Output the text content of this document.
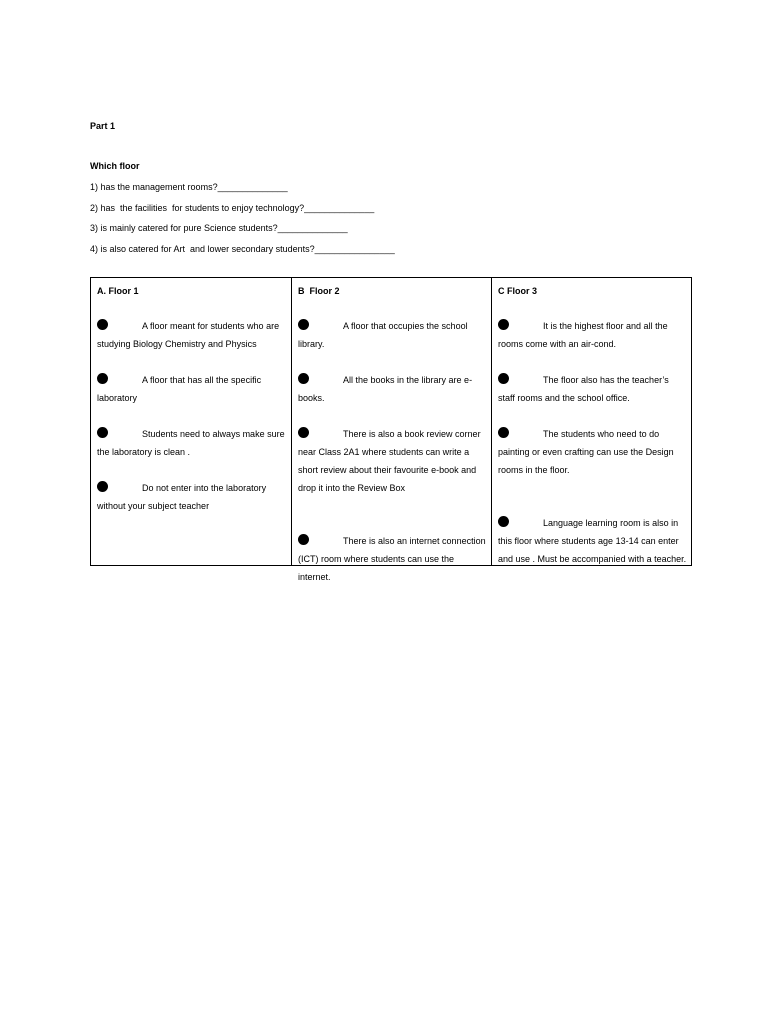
Part 1
Which floor
1) has the management rooms?______________
2) has  the facilities  for students to enjoy technology?______________
3) is mainly catered for pure Science students?______________
4) is also catered for Art  and lower secondary students?________________
A. Floor 1
A floor meant for students who are studying Biology Chemistry and Physics
A floor that has all the specific laboratory
Students need to always make sure the laboratory is clean .
Do not enter into the laboratory without your subject teacher
B  Floor 2
A floor that occupies the school library.
All the books in the library are e-books.
There is also a book review corner near Class 2A1 where students can write a short review about their favourite e-book and drop it into the Review Box
There is also an internet connection (ICT) room where students can use the internet.
C Floor 3
It is the highest floor and all the rooms come with an air-cond.
The floor also has the teacher’s staff rooms and the school office.
The students who need to do painting or even crafting can use the Design rooms in the floor.
Language learning room is also in this floor where students age 13-14 can enter and use . Must be accompanied with a teacher.
